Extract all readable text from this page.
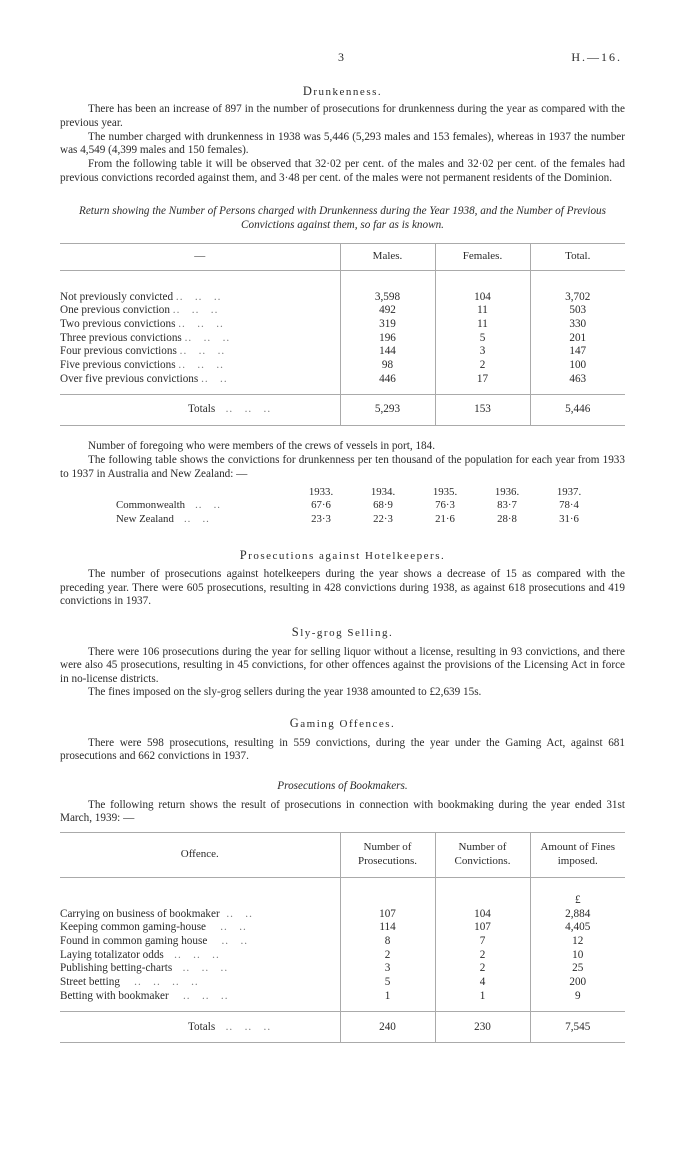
3	H.—16.
Drunkenness.

There has been an increase of 897 in the number of prosecutions for drunkenness during the year as compared with the previous year.

The number charged with drunkenness in 1938 was 5,446 (5,293 males and 153 females), whereas in 1937 the number was 4,549 (4,399 males and 150 females).

From the following table it will be observed that 32·02 per cent. of the males and 32·02 per cent. of the females had previous convictions recorded against them, and 3·48 per cent. of the males were not permanent residents of the Dominion.

Return showing the Number of Persons charged with Drunkenness during the Year 1938, and the Number of Previous Convictions against them, so far as is known.
—	Males.	Females.	Total.

Not previously convicted ..   ..   ..	3,598	104	3,702
One previous conviction ..   ..   ..	492	11	503
Two previous convictions ..   ..   ..	319	11	330
Three previous convictions ..   ..   ..	196	5	201
Four previous convictions ..   ..   ..	144	3	147
Five previous convictions ..   ..   ..	98	2	100
Over five previous convictions ..   ..	446	17	463

Totals   ..   ..   ..	5,293	153	5,446

Number of foregoing who were members of the crews of vessels in port, 184.

The following table shows the convictions for drunkenness per ten thousand of the population for each year from 1933 to 1937 in Australia and New Zealand: —

	1933.	1934.	1935.	1936.	1937.	
Commonwealth   ..   ..	67·6	68·9	76·3	83·7	78·4	
New Zealand   ..   ..	23·3	22·3	21·6	28·8	31·6	
Prosecutions against Hotelkeepers.

The number of prosecutions against hotelkeepers during the year shows a decrease of 15 as compared with the preceding year. There were 605 prosecutions, resulting in 428 convictions during 1938, as against 618 prosecutions and 419 convictions in 1937.

Sly-grog Selling.

There were 106 prosecutions during the year for selling liquor without a license, resulting in 93 convictions, and there were also 45 prosecutions, resulting in 45 convictions, for other offences against the provisions of the Licensing Act in force in no-license districts.

The fines imposed on the sly-grog sellers during the year 1938 amounted to £2,639 15s.

Gaming Offences.

There were 598 prosecutions, resulting in 559 convictions, during the year under the Gaming Act, against 681 prosecutions and 662 convictions in 1937.

Prosecutions of Bookmakers.

The following return shows the result of prosecutions in connection with bookmaking during the year ended 31st March, 1939: —

Offence.	Number of Prosecutions.	Number of Convictions.	Amount of Fines imposed.
			£
Carrying on business of bookmaker  ..   ..	107	104	2,884
Keeping common gaming-house    ..   ..	114	107	4,405
Found in common gaming house    ..   ..	8	7	12
Laying totalizator odds   ..   ..   ..	2	2	10
Publishing betting-charts   ..   ..   ..	3	2	25
Street betting    ..   ..   ..   ..	5	4	200
Betting with bookmaker    ..   ..   ..	1	1	9

Totals   ..   ..   ..	240	230	7,545
